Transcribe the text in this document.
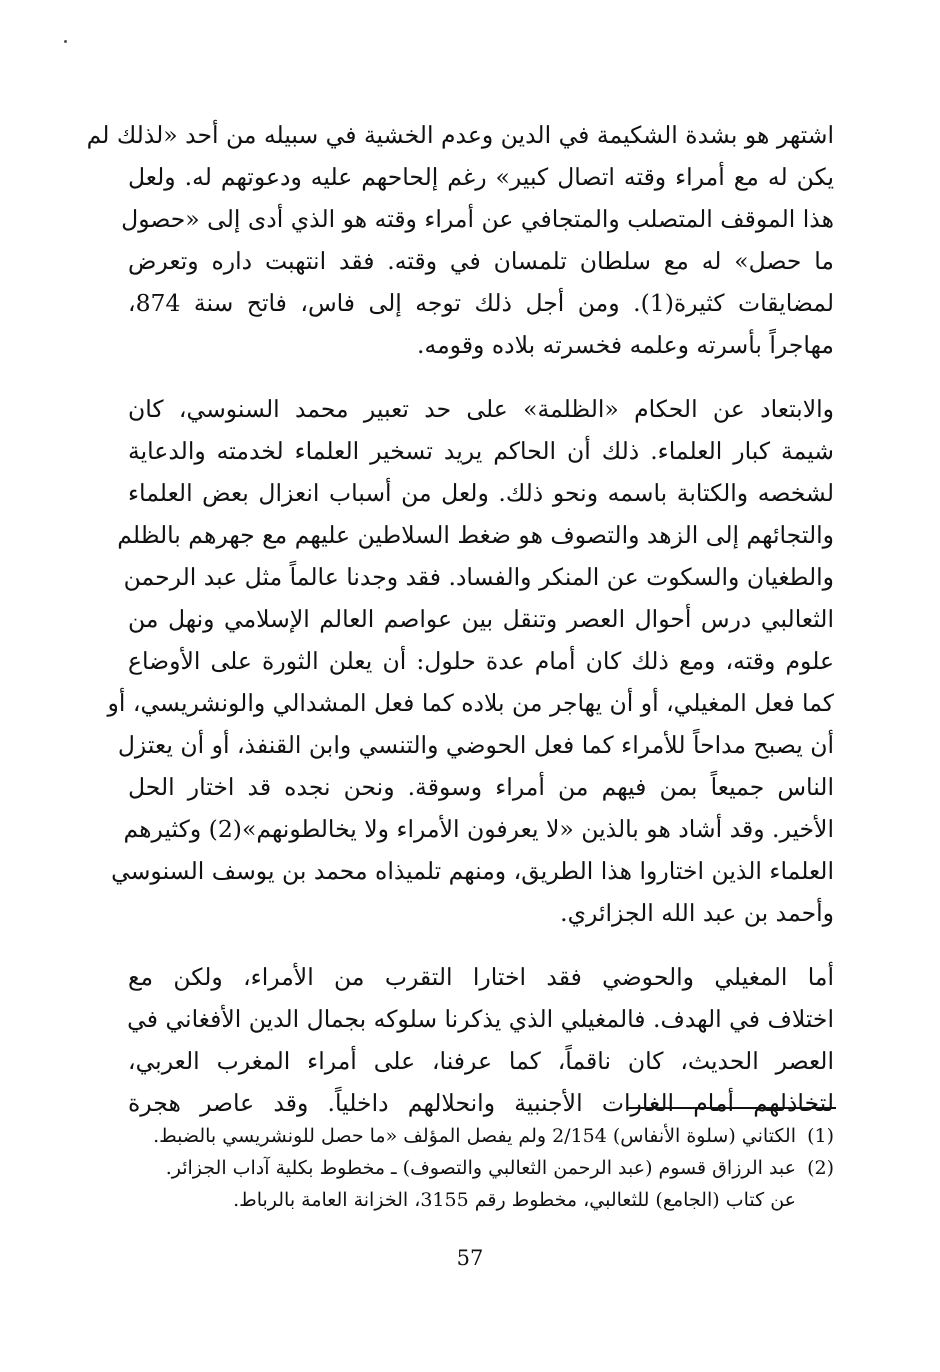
اشتهر هو بشدة الشكيمة في الدين وعدم الخشية في سبيله من أحد «لذلك لم
يكن له مع أمراء وقته اتصال كبير» رغم إلحاحهم عليه ودعوتهم له. ولعل
هذا الموقف المتصلب والمتجافي عن أمراء وقته هو الذي أدى إلى «حصول
ما حصل» له مع سلطان تلمسان في وقته. فقد انتهبت داره وتعرض
لمضايقات كثيرة(1). ومن أجل ذلك توجه إلى فاس، فاتح سنة 874،
مهاجراً بأسرته وعلمه فخسرته بلاده وقومه.
والابتعاد عن الحكام «الظلمة» على حد تعبير محمد السنوسي، كان
شيمة كبار العلماء. ذلك أن الحاكم يريد تسخير العلماء لخدمته والدعاية
لشخصه والكتابة باسمه ونحو ذلك. ولعل من أسباب انعزال بعض العلماء
والتجائهم إلى الزهد والتصوف هو ضغط السلاطين عليهم مع جهرهم بالظلم
والطغيان والسكوت عن المنكر والفساد. فقد وجدنا عالماً مثل عبد الرحمن
الثعالبي درس أحوال العصر وتنقل بين عواصم العالم الإسلامي ونهل من
علوم وقته، ومع ذلك كان أمام عدة حلول: أن يعلن الثورة على الأوضاع
كما فعل المغيلي، أو أن يهاجر من بلاده كما فعل المشدالي والونشريسي، أو
أن يصبح مداحاً للأمراء كما فعل الحوضي والتنسي وابن القنفذ، أو أن يعتزل
الناس جميعاً بمن فيهم من أمراء وسوقة. ونحن نجده قد اختار الحل
الأخير. وقد أشاد هو بالذين «لا يعرفون الأمراء ولا يخالطونهم»(2) وكثيرهم
العلماء الذين اختاروا هذا الطريق، ومنهم تلميذاه محمد بن يوسف السنوسي
وأحمد بن عبد الله الجزائري.
أما المغيلي والحوضي فقد اختارا التقرب من الأمراء، ولكن مع
اختلاف في الهدف. فالمغيلي الذي يذكرنا سلوكه بجمال الدين الأفغاني في
العصر الحديث، كان ناقماً، كما عرفنا، على أمراء المغرب العربي،
لتخاذلهم أمام الغارات الأجنبية وانحلالهم داخلياً. وقد عاصر هجرة
(1)
الكتاني (سلوة الأنفاس) 2/154 ولم يفصل المؤلف «ما حصل للونشريسي بالضبط.
(2)
عبد الرزاق قسوم (عبد الرحمن الثعالبي والتصوف) ـ مخطوط بكلية آداب الجزائر.
عن كتاب (الجامع) للثعالبي، مخطوط رقم 3155، الخزانة العامة بالرباط.
57
